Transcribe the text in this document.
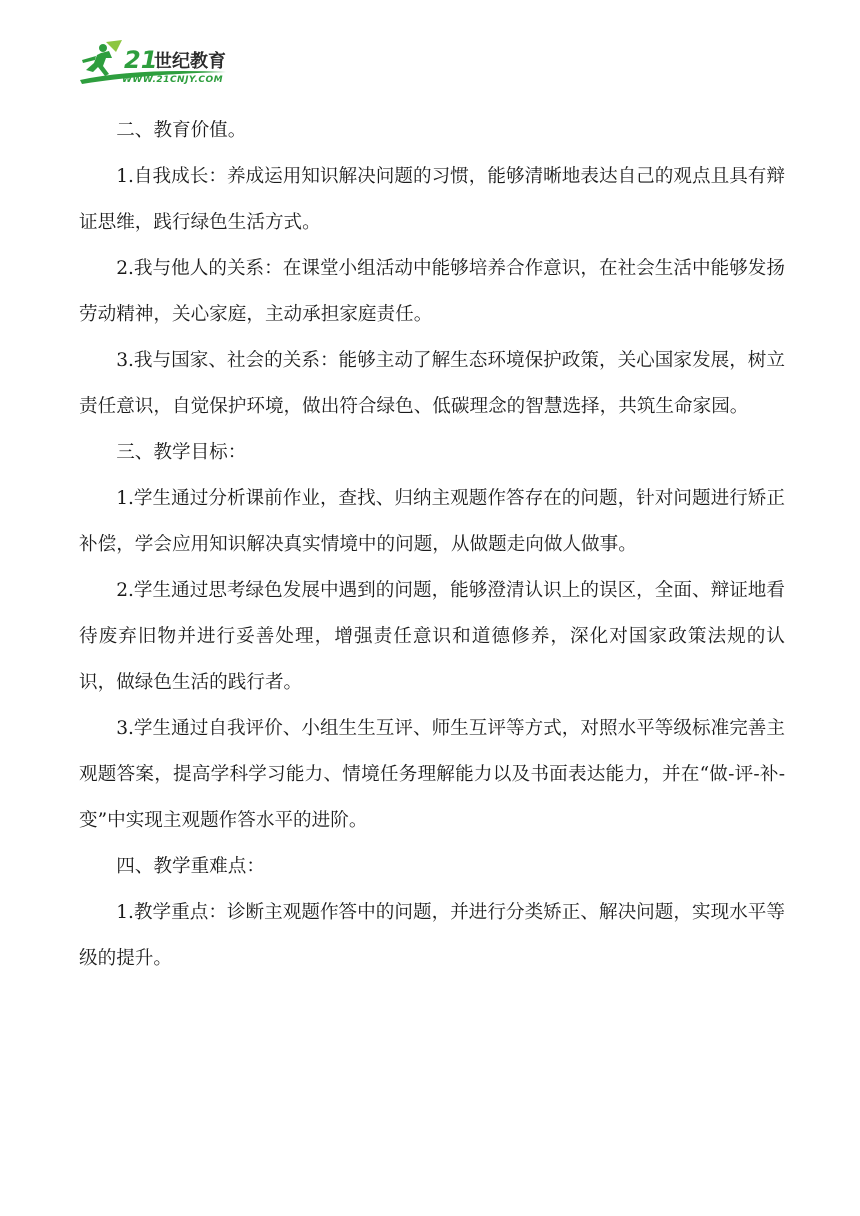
21
世纪教育
WWW.21CNJY.COM

二、教育价值。

1.自我成长：养成运用知识解决问题的习惯，能够清晰地表达自己的观点且具有辩证思维，践行绿色生活方式。

2.我与他人的关系：在课堂小组活动中能够培养合作意识，在社会生活中能够发扬劳动精神，关心家庭，主动承担家庭责任。

3.我与国家、社会的关系：能够主动了解生态环境保护政策，关心国家发展，树立责任意识，自觉保护环境，做出符合绿色、低碳理念的智慧选择，共筑生命家园。

三、教学目标：

1.学生通过分析课前作业，查找、归纳主观题作答存在的问题，针对问题进行矫正补偿，学会应用知识解决真实情境中的问题，从做题走向做人做事。

2.学生通过思考绿色发展中遇到的问题，能够澄清认识上的误区，全面、辩证地看待废弃旧物并进行妥善处理，增强责任意识和道德修养，深化对国家政策法规的认识，做绿色生活的践行者。

3.学生通过自我评价、小组生生互评、师生互评等方式，对照水平等级标准完善主观题答案，提高学科学习能力、情境任务理解能力以及书面表达能力，并在“做-评-补-变”中实现主观题作答水平的进阶。

四、教学重难点：

1.教学重点：诊断主观题作答中的问题，并进行分类矫正、解决问题，实现水平等级的提升。
